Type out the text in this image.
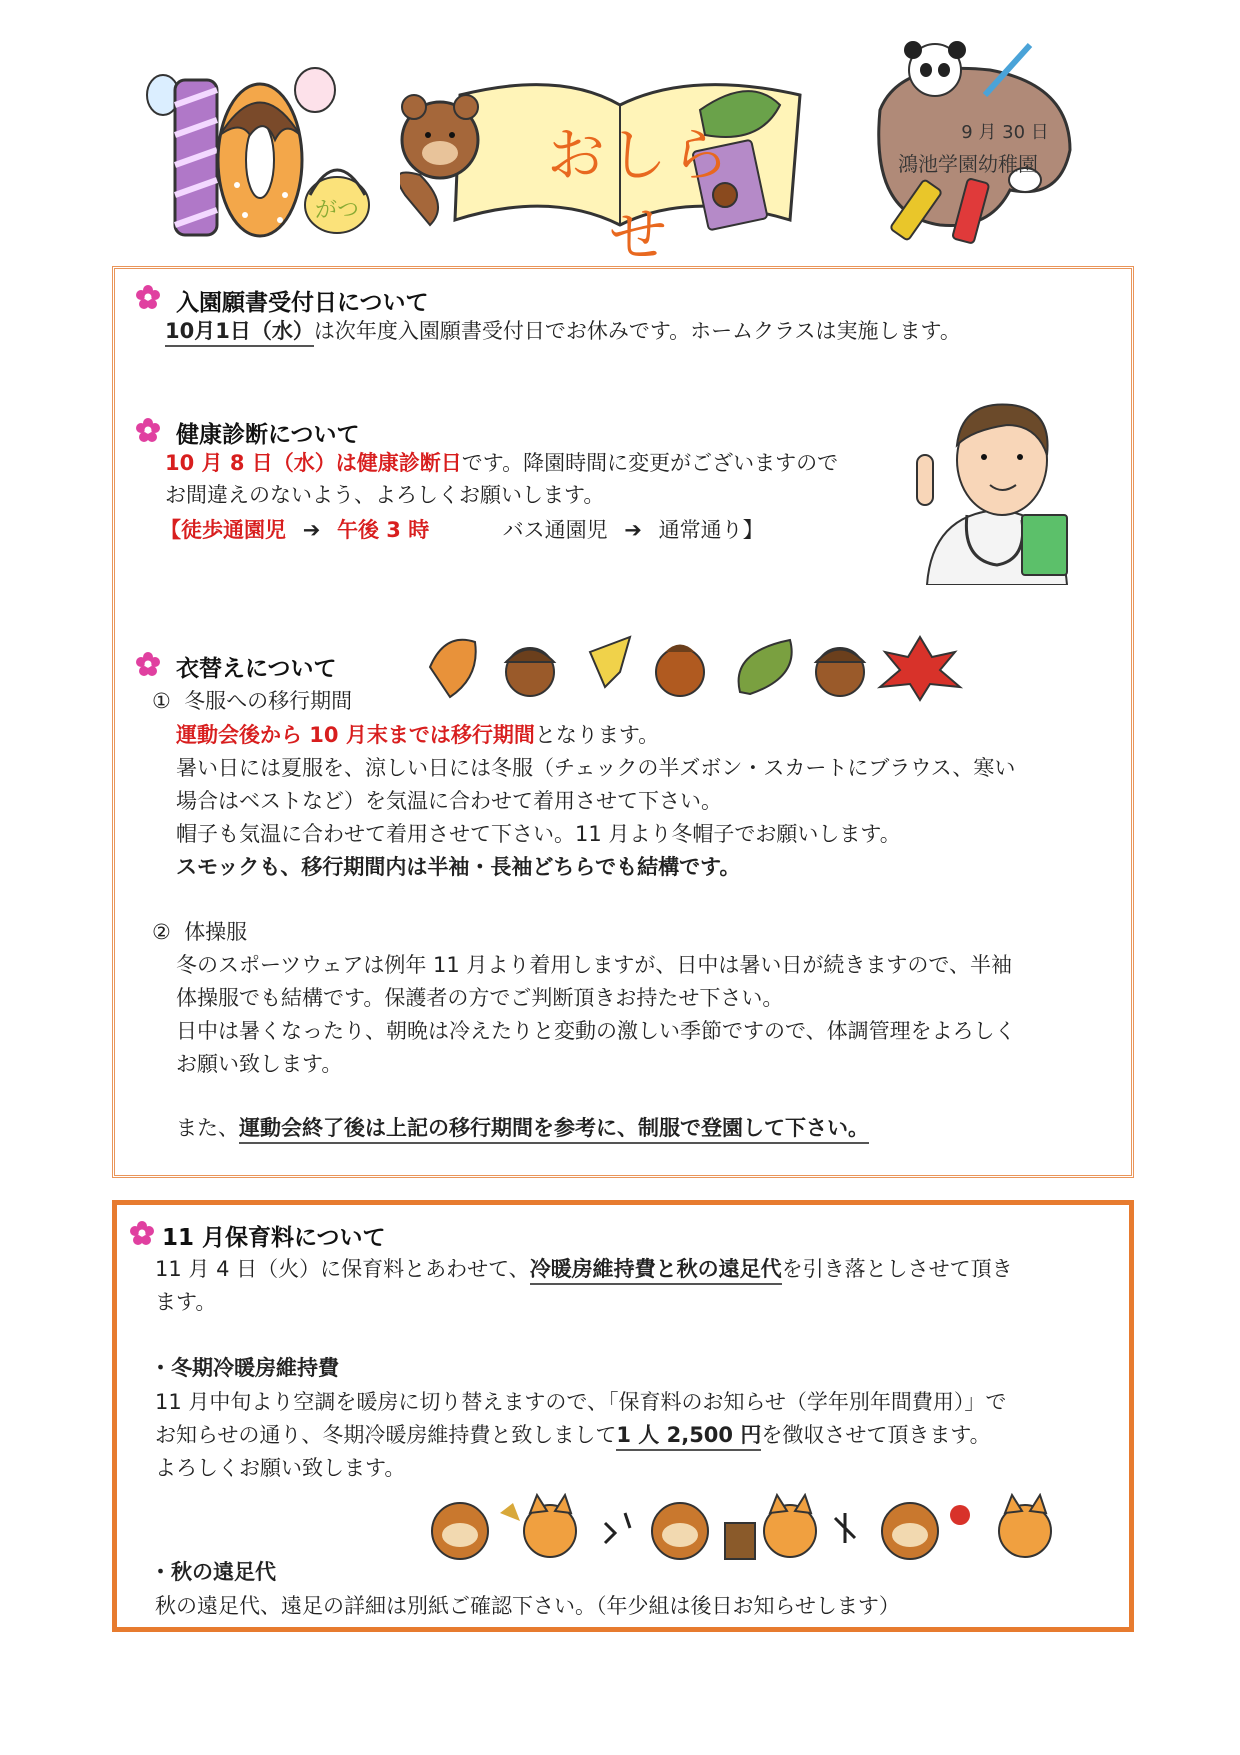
がつ
おしらせ
9 月 30 日
鴻池学園幼稚園
入園願書受付日について
10月1日（水）は次年度入園願書受付日でお休みです。ホームクラスは実施します。
健康診断について
10 月 8 日（水）は健康診断日です。降園時間に変更がございますので
お間違えのないよう、よろしくお願いします。
【徒歩通園児 ➔ 午後 3 時	バス通園児 ➔ 通常通り】
衣替えについて
① 冬服への移行期間
運動会後から 10 月末までは移行期間となります。
暑い日には夏服を、涼しい日には冬服（チェックの半ズボン・スカートにブラウス、寒い
場合はベストなど）を気温に合わせて着用させて下さい。
帽子も気温に合わせて着用させて下さい。11 月より冬帽子でお願いします。
スモックも、移行期間内は半袖・長袖どちらでも結構です。
② 体操服
冬のスポーツウェアは例年 11 月より着用しますが、日中は暑い日が続きますので、半袖
体操服でも結構です。保護者の方でご判断頂きお持たせ下さい。
日中は暑くなったり、朝晩は冷えたりと変動の激しい季節ですので、体調管理をよろしく
お願い致します。
また、運動会終了後は上記の移行期間を参考に、制服で登園して下さい。
11 月保育料について
11 月 4 日（火）に保育料とあわせて、冷暖房維持費と秋の遠足代を引き落としさせて頂き
ます。
・冬期冷暖房維持費
11 月中旬より空調を暖房に切り替えますので、「保育料のお知らせ（学年別年間費用）」で
お知らせの通り、冬期冷暖房維持費と致しまして1 人 2,500 円を徴収させて頂きます。
よろしくお願い致します。
・秋の遠足代
秋の遠足代、遠足の詳細は別紙ご確認下さい。（年少組は後日お知らせします）
